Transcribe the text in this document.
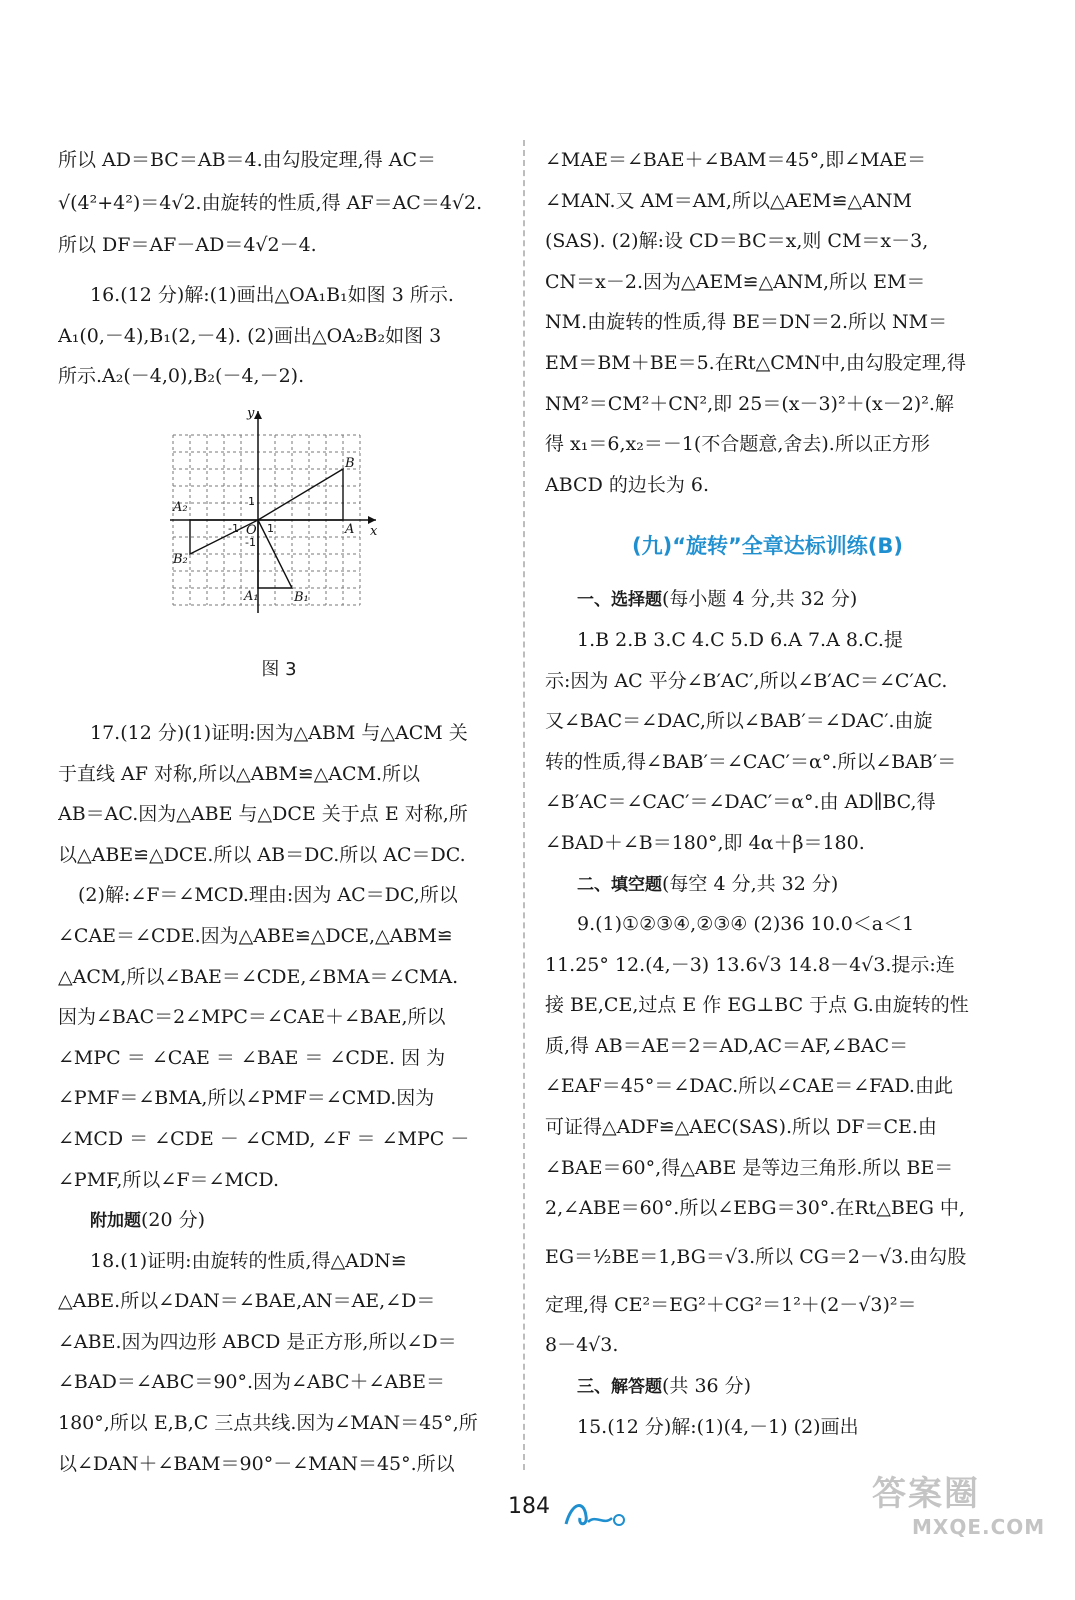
所以 AD＝BC＝AB＝4.由勾股定理,得 AC＝
√(4²+4²)＝4√2.由旋转的性质,得 AF＝AC＝4√2.
所以 DF＝AF－AD＝4√2－4.
16.(12 分)解:(1)画出△OA₁B₁如图 3 所示.
A₁(0,－4),B₁(2,－4). (2)画出△OA₂B₂如图 3
所示.A₂(－4,0),B₂(－4,－2).
y
x
O
B
A
A₂
B₂
A₁	B₁
1
1
-1
-1
图 3
17.(12 分)(1)证明:因为△ABM 与△ACM 关
于直线 AF 对称,所以△ABM≌△ACM.所以
AB＝AC.因为△ABE 与△DCE 关于点 E 对称,所
以△ABE≌△DCE.所以 AB＝DC.所以 AC＝DC.
(2)解:∠F＝∠MCD.理由:因为 AC＝DC,所以
∠CAE＝∠CDE.因为△ABE≌△DCE,△ABM≌
△ACM,所以∠BAE＝∠CDE,∠BMA＝∠CMA.
因为∠BAC＝2∠MPC＝∠CAE＋∠BAE,所以
∠MPC ＝ ∠CAE ＝ ∠BAE ＝ ∠CDE. 因 为
∠PMF＝∠BMA,所以∠PMF＝∠CMD.因为
∠MCD ＝ ∠CDE － ∠CMD, ∠F ＝ ∠MPC －
∠PMF,所以∠F＝∠MCD.
附加题(20 分)
18.(1)证明:由旋转的性质,得△ADN≌
△ABE.所以∠DAN＝∠BAE,AN＝AE,∠D＝
∠ABE.因为四边形 ABCD 是正方形,所以∠D＝
∠BAD＝∠ABC＝90°.因为∠ABC＋∠ABE＝
180°,所以 E,B,C 三点共线.因为∠MAN＝45°,所
以∠DAN＋∠BAM＝90°－∠MAN＝45°.所以
∠MAE＝∠BAE＋∠BAM＝45°,即∠MAE＝
∠MAN.又 AM＝AM,所以△AEM≌△ANM
(SAS). (2)解:设 CD＝BC＝x,则 CM＝x－3,
CN＝x－2.因为△AEM≌△ANM,所以 EM＝
NM.由旋转的性质,得 BE＝DN＝2.所以 NM＝
EM＝BM＋BE＝5.在Rt△CMN中,由勾股定理,得
NM²＝CM²＋CN²,即 25＝(x－3)²＋(x－2)².解
得 x₁＝6,x₂＝－1(不合题意,舍去).所以正方形
ABCD 的边长为 6.
(九)“旋转”全章达标训练(B)
一、选择题(每小题 4 分,共 32 分)
1.B 2.B 3.C 4.C 5.D 6.A 7.A 8.C.提
示:因为 AC 平分∠B′AC′,所以∠B′AC＝∠C′AC.
又∠BAC＝∠DAC,所以∠BAB′＝∠DAC′.由旋
转的性质,得∠BAB′＝∠CAC′＝α°.所以∠BAB′＝
∠B′AC＝∠CAC′＝∠DAC′＝α°.由 AD∥BC,得
∠BAD＋∠B＝180°,即 4α＋β＝180.
二、填空题(每空 4 分,共 32 分)
9.(1)①②③④,②③④ (2)36 10.0＜a＜1
11.25° 12.(4,－3) 13.6√3 14.8－4√3.提示:连
接 BE,CE,过点 E 作 EG⊥BC 于点 G.由旋转的性
质,得 AB＝AE＝2＝AD,AC＝AF,∠BAC＝
∠EAF＝45°＝∠DAC.所以∠CAE＝∠FAD.由此
可证得△ADF≌△AEC(SAS).所以 DF＝CE.由
∠BAE＝60°,得△ABE 是等边三角形.所以 BE＝
2,∠ABE＝60°.所以∠EBG＝30°.在Rt△BEG 中,
EG＝½BE＝1,BG＝√3.所以 CG＝2－√3.由勾股
定理,得 CE²＝EG²＋CG²＝1²＋(2－√3)²＝
8－4√3.
三、解答题(共 36 分)
15.(12 分)解:(1)(4,－1) (2)画出
184	答案圈
MXQE.COM
